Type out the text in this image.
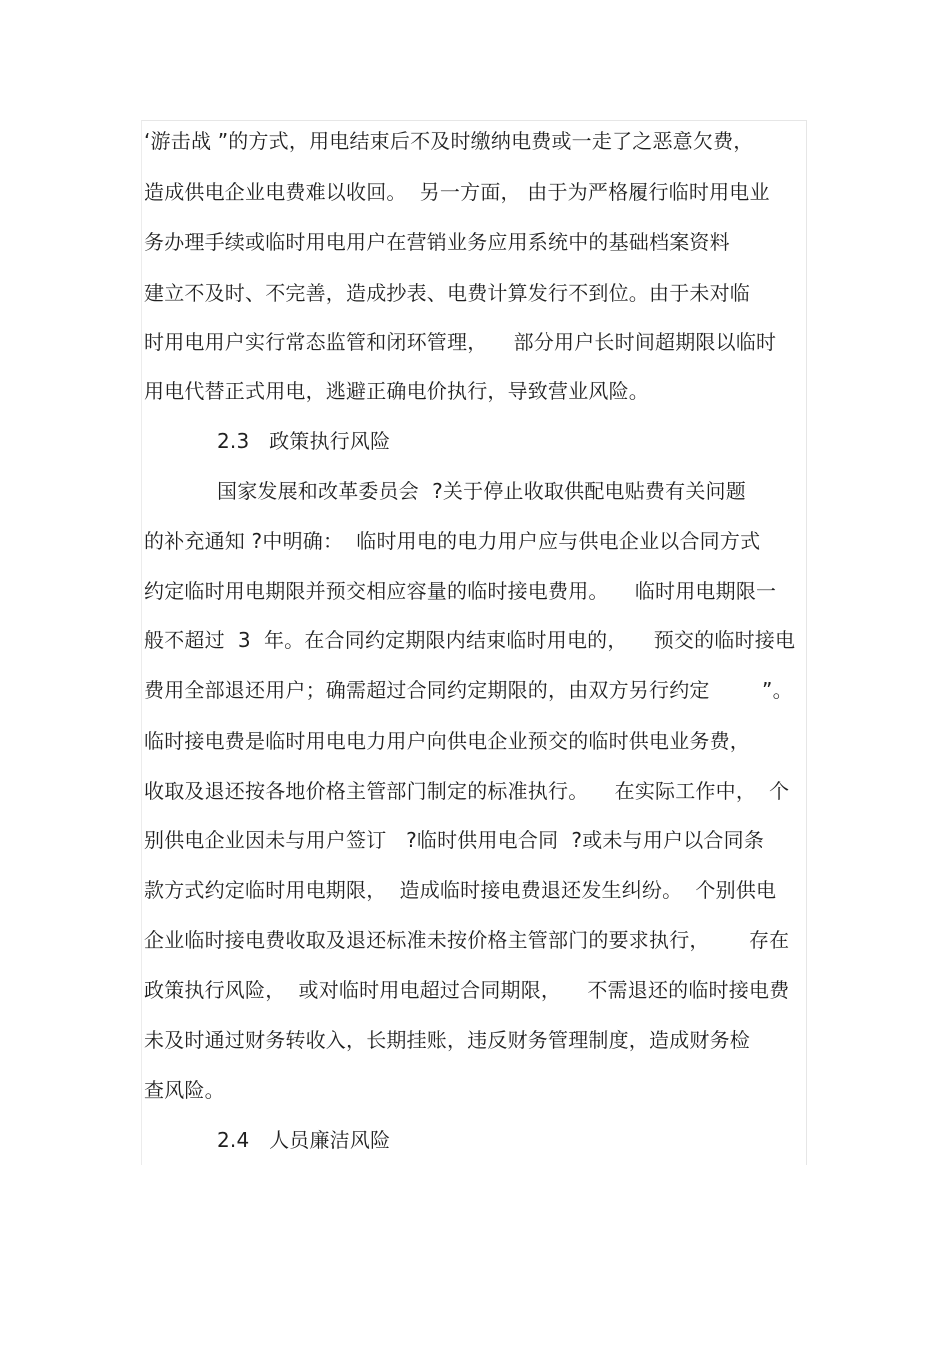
‘游击战 ”的方式，用电结束后不及时缴纳电费或一走了之恶意欠费，
造成供电企业电费难以收回。  另一方面， 由于为严格履行临时用电业
务办理手续或临时用电用户在营销业务应用系统中的基础档案资料
建立不及时、不完善，造成抄表、电费计算发行不到位。由于未对临
时用电用户实行常态监管和闭环管理，    部分用户长时间超期限以临时
用电代替正式用电，逃避正确电价执行，导致营业风险。
2.3   政策执行风险
国家发展和改革委员会  ?关于停止收取供配电贴费有关问题
的补充通知 ?中明确：  临时用电的电力用户应与供电企业以合同方式
约定临时用电期限并预交相应容量的临时接电费用。    临时用电期限一
般不超过  3  年。在合同约定期限内结束临时用电的，    预交的临时接电
费用全部退还用户；确需超过合同约定期限的，由双方另行约定        ”。
临时接电费是临时用电电力用户向供电企业预交的临时供电业务费，
收取及退还按各地价格主管部门制定的标准执行。    在实际工作中，  个
别供电企业因未与用户签订   ?临时供用电合同  ?或未与用户以合同条
款方式约定临时用电期限，  造成临时接电费退还发生纠纷。  个别供电
企业临时接电费收取及退还标准未按价格主管部门的要求执行，      存在
政策执行风险，  或对临时用电超过合同期限，    不需退还的临时接电费
未及时通过财务转收入，长期挂账，违反财务管理制度，造成财务检
查风险。
2.4   人员廉洁风险
